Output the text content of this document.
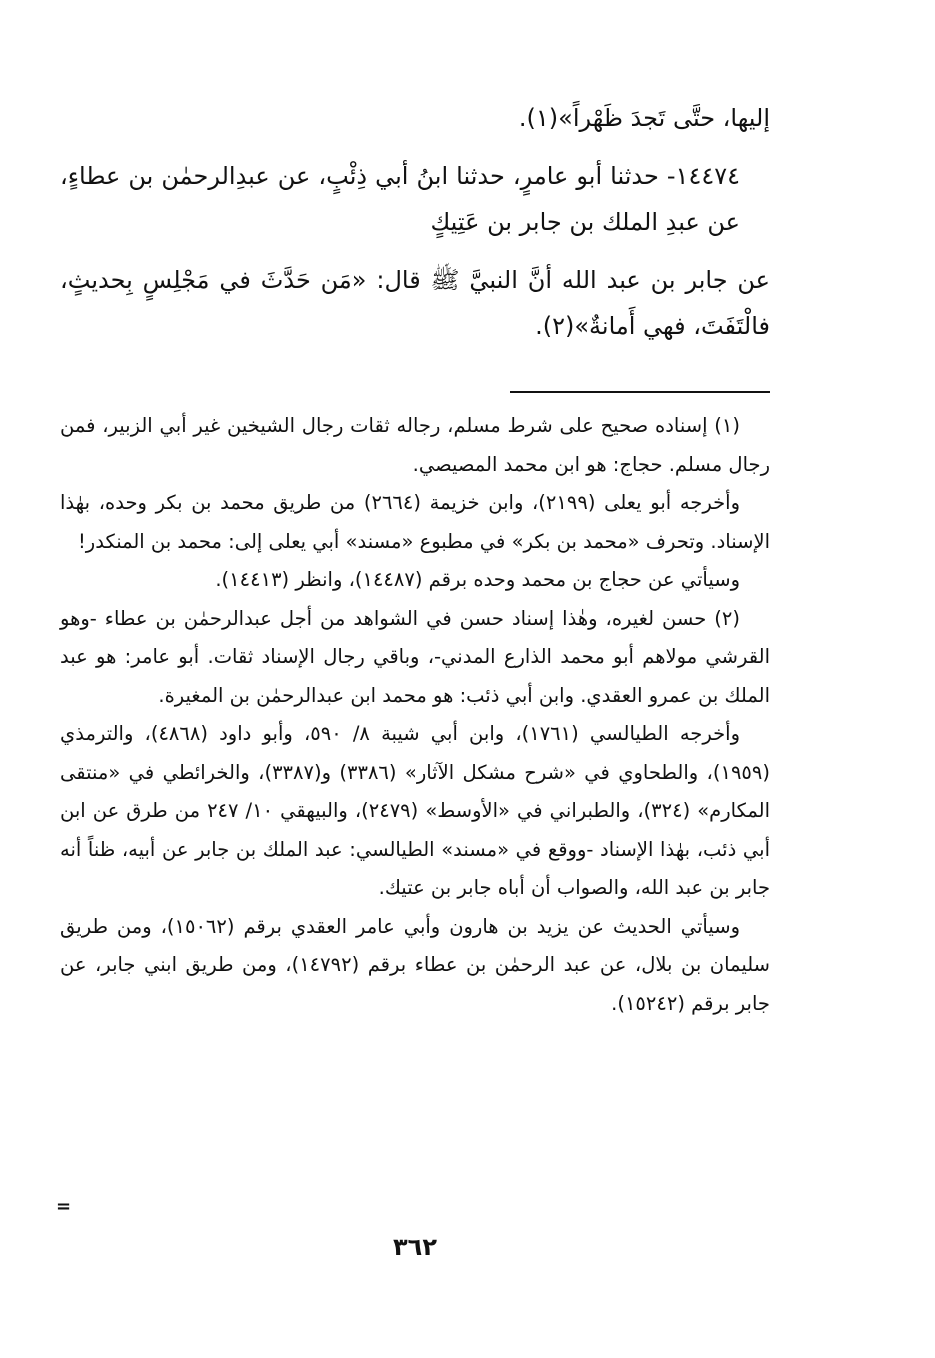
إليها، حتَّى تَجدَ ظَهْراً»(١).

١٤٤٧٤- حدثنا أبو عامرٍ، حدثنا ابنُ أبي ذِئْبٍ، عن عبدِالرحمٰن بن عطاءٍ، عن عبدِ الملك بن جابر بن عَتِيكٍ

عن جابر بن عبد الله أنَّ النبيَّ ﷺ قال: «مَن حَدَّثَ في مَجْلِسٍ بِحديثٍ، فالْتَفَتَ، فهي أَمانةٌ»(٢).

(١) إسناده صحيح على شرط مسلم، رجاله ثقات رجال الشيخين غير أبي الزبير، فمن رجال مسلم. حجاج: هو ابن محمد المصيصي.

وأخرجه أبو يعلى (٢١٩٩)، وابن خزيمة (٢٦٦٤) من طريق محمد بن بكر وحده، بهٰذا الإسناد. وتحرف «محمد بن بكر» في مطبوع «مسند» أبي يعلى إلى: محمد بن المنكدر!

وسيأتي عن حجاج بن محمد وحده برقم (١٤٤٨٧)، وانظر (١٤٤١٣).

(٢) حسن لغيره، وهٰذا إسناد حسن في الشواهد من أجل عبدالرحمٰن بن عطاء -وهو القرشي مولاهم أبو محمد الذارع المدني-، وباقي رجال الإسناد ثقات. أبو عامر: هو عبد الملك بن عمرو العقدي. وابن أبي ذئب: هو محمد ابن عبدالرحمٰن بن المغيرة.

وأخرجه الطيالسي (١٧٦١)، وابن أبي شيبة ٨/ ٥٩٠، وأبو داود (٤٨٦٨)، والترمذي (١٩٥٩)، والطحاوي في «شرح مشكل الآثار» (٣٣٨٦) و(٣٣٨٧)، والخرائطي في «منتقى المكارم» (٣٢٤)، والطبراني في «الأوسط» (٢٤٧٩)، والبيهقي ١٠/ ٢٤٧ من طرق عن ابن أبي ذئب، بهٰذا الإسناد -ووقع في «مسند» الطيالسي: عبد الملك بن جابر عن أبيه، ظناً أنه جابر بن عبد الله، والصواب أن أباه جابر بن عتيك.

وسيأتي الحديث عن يزيد بن هارون وأبي عامر العقدي برقم (١٥٠٦٢)، ومن طريق سليمان بن بلال، عن عبد الرحمٰن بن عطاء برقم (١٤٧٩٢)، ومن طريق ابني جابر، عن جابر برقم (١٥٢٤٢).

٣٦٢
=
